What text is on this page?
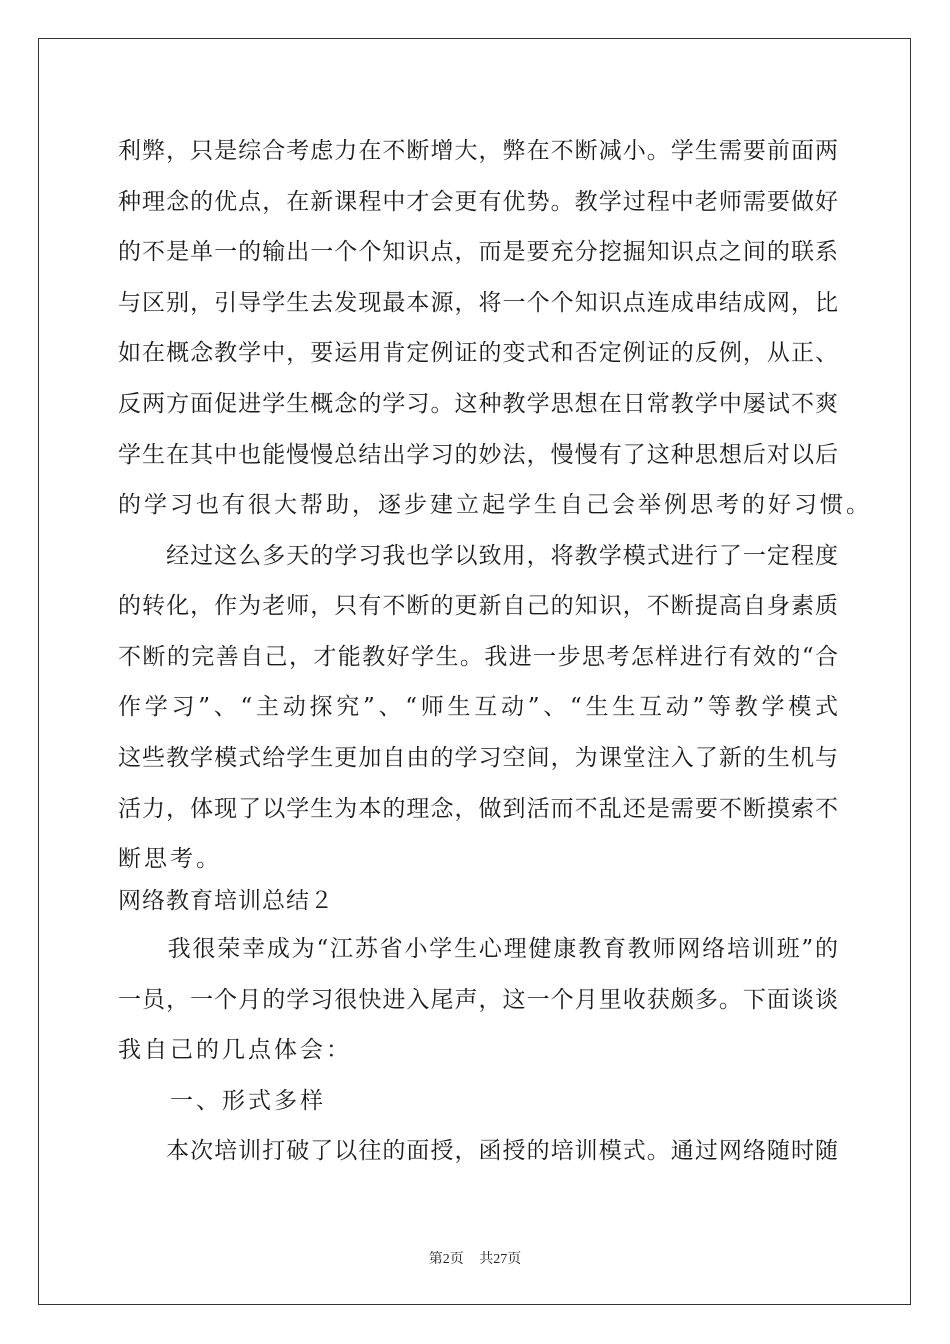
利弊，只是综合考虑力在不断增大，弊在不断减小。学生需要前面两
种理念的优点，在新课程中才会更有优势。教学过程中老师需要做好
的不是单一的输出一个个知识点，而是要充分挖掘知识点之间的联系
与区别，引导学生去发现最本源，将一个个知识点连成串结成网，比
如在概念教学中，要运用肯定例证的变式和否定例证的反例，从正、
反两方面促进学生概念的学习。这种教学思想在日常教学中屡试不爽
学生在其中也能慢慢总结出学习的妙法，慢慢有了这种思想后对以后
的学习也有很大帮助，逐步建立起学生自己会举例思考的好习惯。
　　经过这么多天的学习我也学以致用，将教学模式进行了一定程度
的转化，作为老师，只有不断的更新自己的知识，不断提高自身素质
不断的完善自己，才能教好学生。我进一步思考怎样进行有效的“合
作学习”、“主动探究”、“师生互动”、“生生互动”等教学模式
这些教学模式给学生更加自由的学习空间，为课堂注入了新的生机与
活力，体现了以学生为本的理念，做到活而不乱还是需要不断摸索不
断思考。
网络教育培训总结２
　　我很荣幸成为“江苏省小学生心理健康教育教师网络培训班”的
一员，一个月的学习很快进入尾声，这一个月里收获颇多。下面谈谈
我自己的几点体会：
　　一、形式多样
　　本次培训打破了以往的面授，函授的培训模式。通过网络随时随
第2页 共27页
